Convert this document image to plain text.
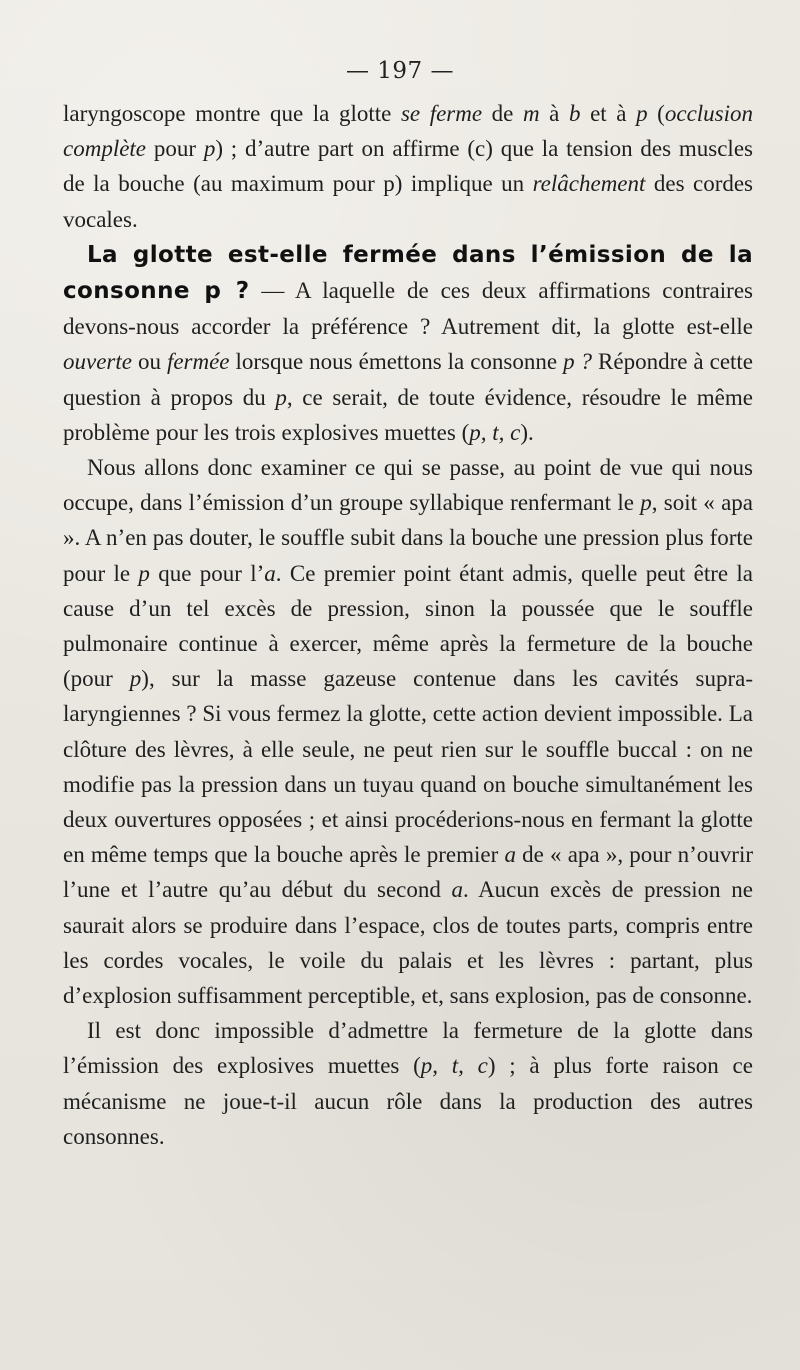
— 197 —

laryngoscope montre que la glotte se ferme de m à b et à p (occlusion complète pour p) ; d’autre part on affirme (c) que la tension des muscles de la bouche (au maximum pour p) implique un relâchement des cordes vocales.

La glotte est-elle fermée dans l’émission de la consonne p ? — A laquelle de ces deux affirmations contraires devons-nous accorder la préférence ? Autrement dit, la glotte est-elle ouverte ou fermée lorsque nous émettons la consonne p ? Répondre à cette question à propos du p, ce serait, de toute évidence, résoudre le même problème pour les trois explosives muettes (p, t, c).

Nous allons donc examiner ce qui se passe, au point de vue qui nous occupe, dans l’émission d’un groupe syllabique renfermant le p, soit « apa ». A n’en pas douter, le souffle subit dans la bouche une pression plus forte pour le p que pour l’a. Ce premier point étant admis, quelle peut être la cause d’un tel excès de pression, sinon la poussée que le souffle pulmonaire continue à exercer, même après la fermeture de la bouche (pour p), sur la masse gazeuse contenue dans les cavités supra-laryngiennes ? Si vous fermez la glotte, cette action devient impossible. La clôture des lèvres, à elle seule, ne peut rien sur le souffle buccal : on ne modifie pas la pression dans un tuyau quand on bouche simultanément les deux ouvertures opposées ; et ainsi procéderions-nous en fermant la glotte en même temps que la bouche après le premier a de « apa », pour n’ouvrir l’une et l’autre qu’au début du second a. Aucun excès de pression ne saurait alors se produire dans l’espace, clos de toutes parts, compris entre les cordes vocales, le voile du palais et les lèvres : partant, plus d’explosion suffisamment perceptible, et, sans explosion, pas de consonne.

Il est donc impossible d’admettre la fermeture de la glotte dans l’émission des explosives muettes (p, t, c) ; à plus forte raison ce mécanisme ne joue-t-il aucun rôle dans la production des autres consonnes.
